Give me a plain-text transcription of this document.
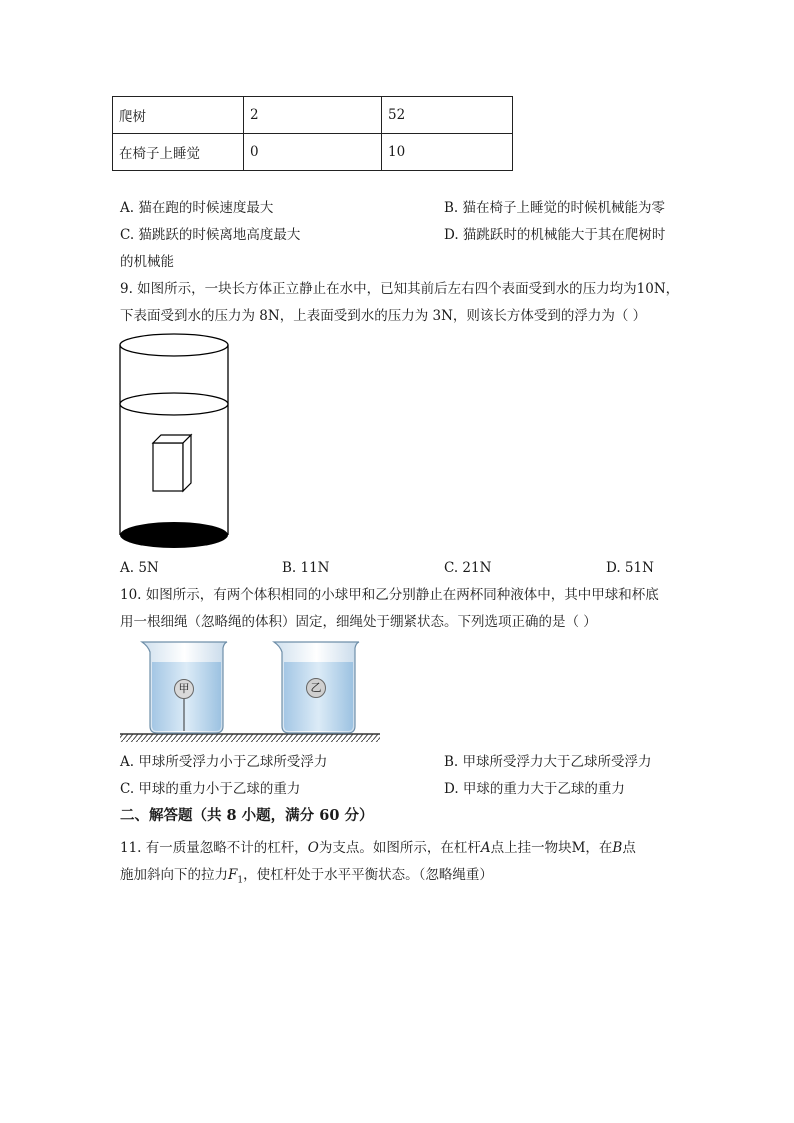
爬树	2	52
在椅子上睡觉	0	10
A. 猫在跑的时候速度最大	B. 猫在椅子上睡觉的时候机械能为零
C. 猫跳跃的时候离地高度最大	D. 猫跳跃时的机械能大于其在爬树时
的机械能
9. 如图所示，一块长方体正立静止在水中，已知其前后左右四个表面受到水的压力均为10N，
下表面受到水的压力为 8N，上表面受到水的压力为 3N，则该长方体受到的浮力为（ ）
A. 5N	B. 11N	C. 21N	D. 51N
10. 如图所示，有两个体积相同的小球甲和乙分别静止在两杯同种液体中，其中甲球和杯底
用一根细绳（忽略绳的体积）固定，细绳处于绷紧状态。下列选项正确的是（ ）
甲	乙
A. 甲球所受浮力小于乙球所受浮力	B. 甲球所受浮力大于乙球所受浮力
C. 甲球的重力小于乙球的重力	D. 甲球的重力大于乙球的重力
二、解答题（共 8 小题，满分 60 分）
11. 有一质量忽略不计的杠杆，O为支点。如图所示，在杠杆A点上挂一物块M，在B点
施加斜向下的拉力$F_1$，使杠杆处于水平平衡状态。（忽略绳重）
